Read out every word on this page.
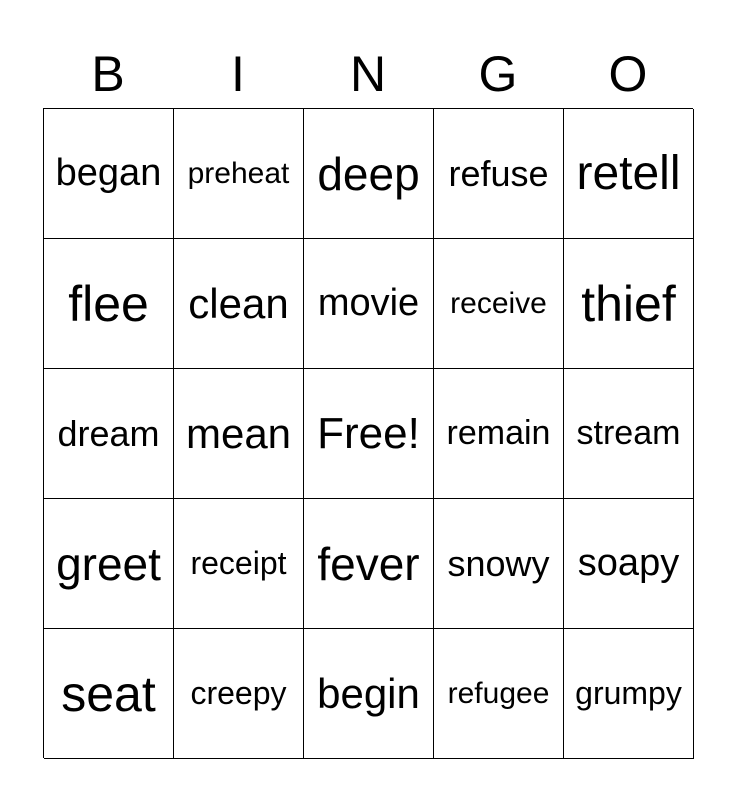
B	I	N	G	O
began preheat deep refuse retell
flee clean movie	receive thief
dream mean Free! remain stream
greet receipt fever snowy soapy
seat	creepy begin refugee grumpy
